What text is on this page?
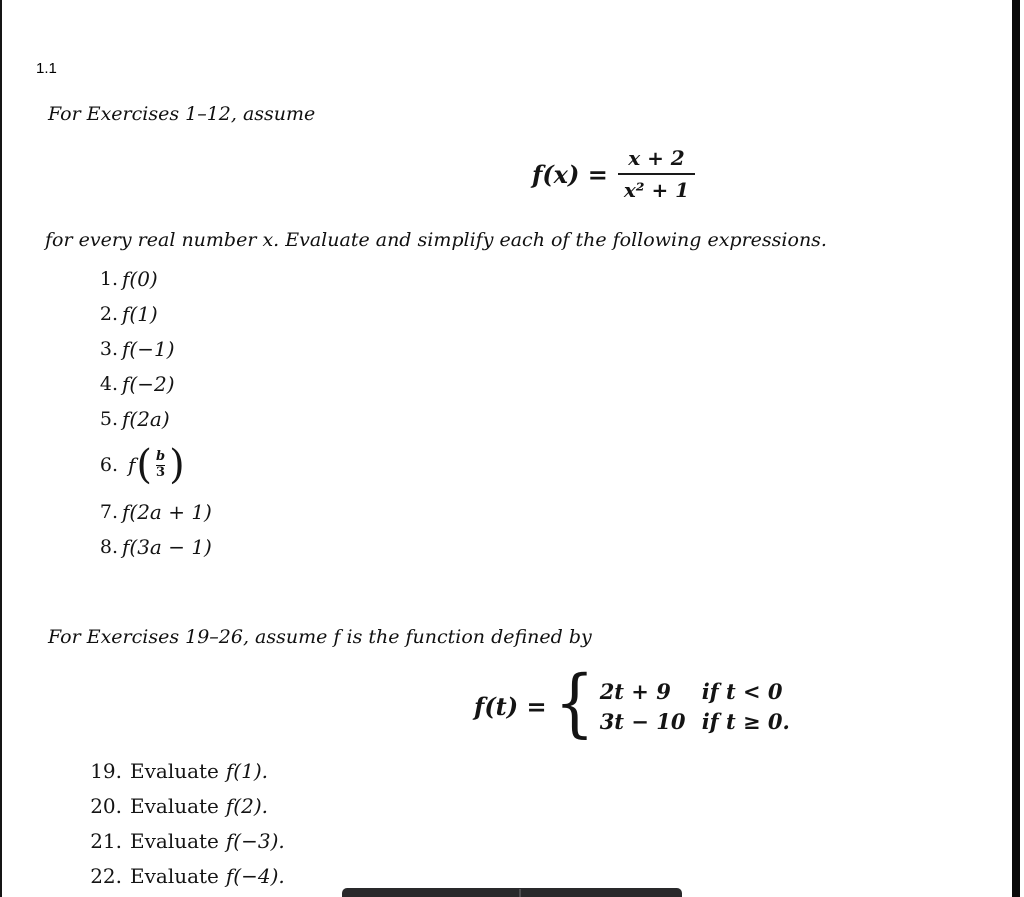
1.1

For Exercises 1–12, assume

$f(x) = \frac{x + 2}{\text{x² + 1}}$

for every real number x. Evaluate and simplify each of the following expressions.

1. f(0)
2. f(1)
3. f(−1)
4. f(−2)
5. f(2a)
6. f ( $\frac{b}{3}$ )
7. f(2a + 1)
8. f(3a − 1)

For Exercises 19–26, assume f is the function defined by

f(t) = { 2t + 9	if t < 0
3t − 10 if t ≥ 0.
19. Evaluate f(1).
20. Evaluate f(2).
21. Evaluate f(−3).
22. Evaluate f(−4).
